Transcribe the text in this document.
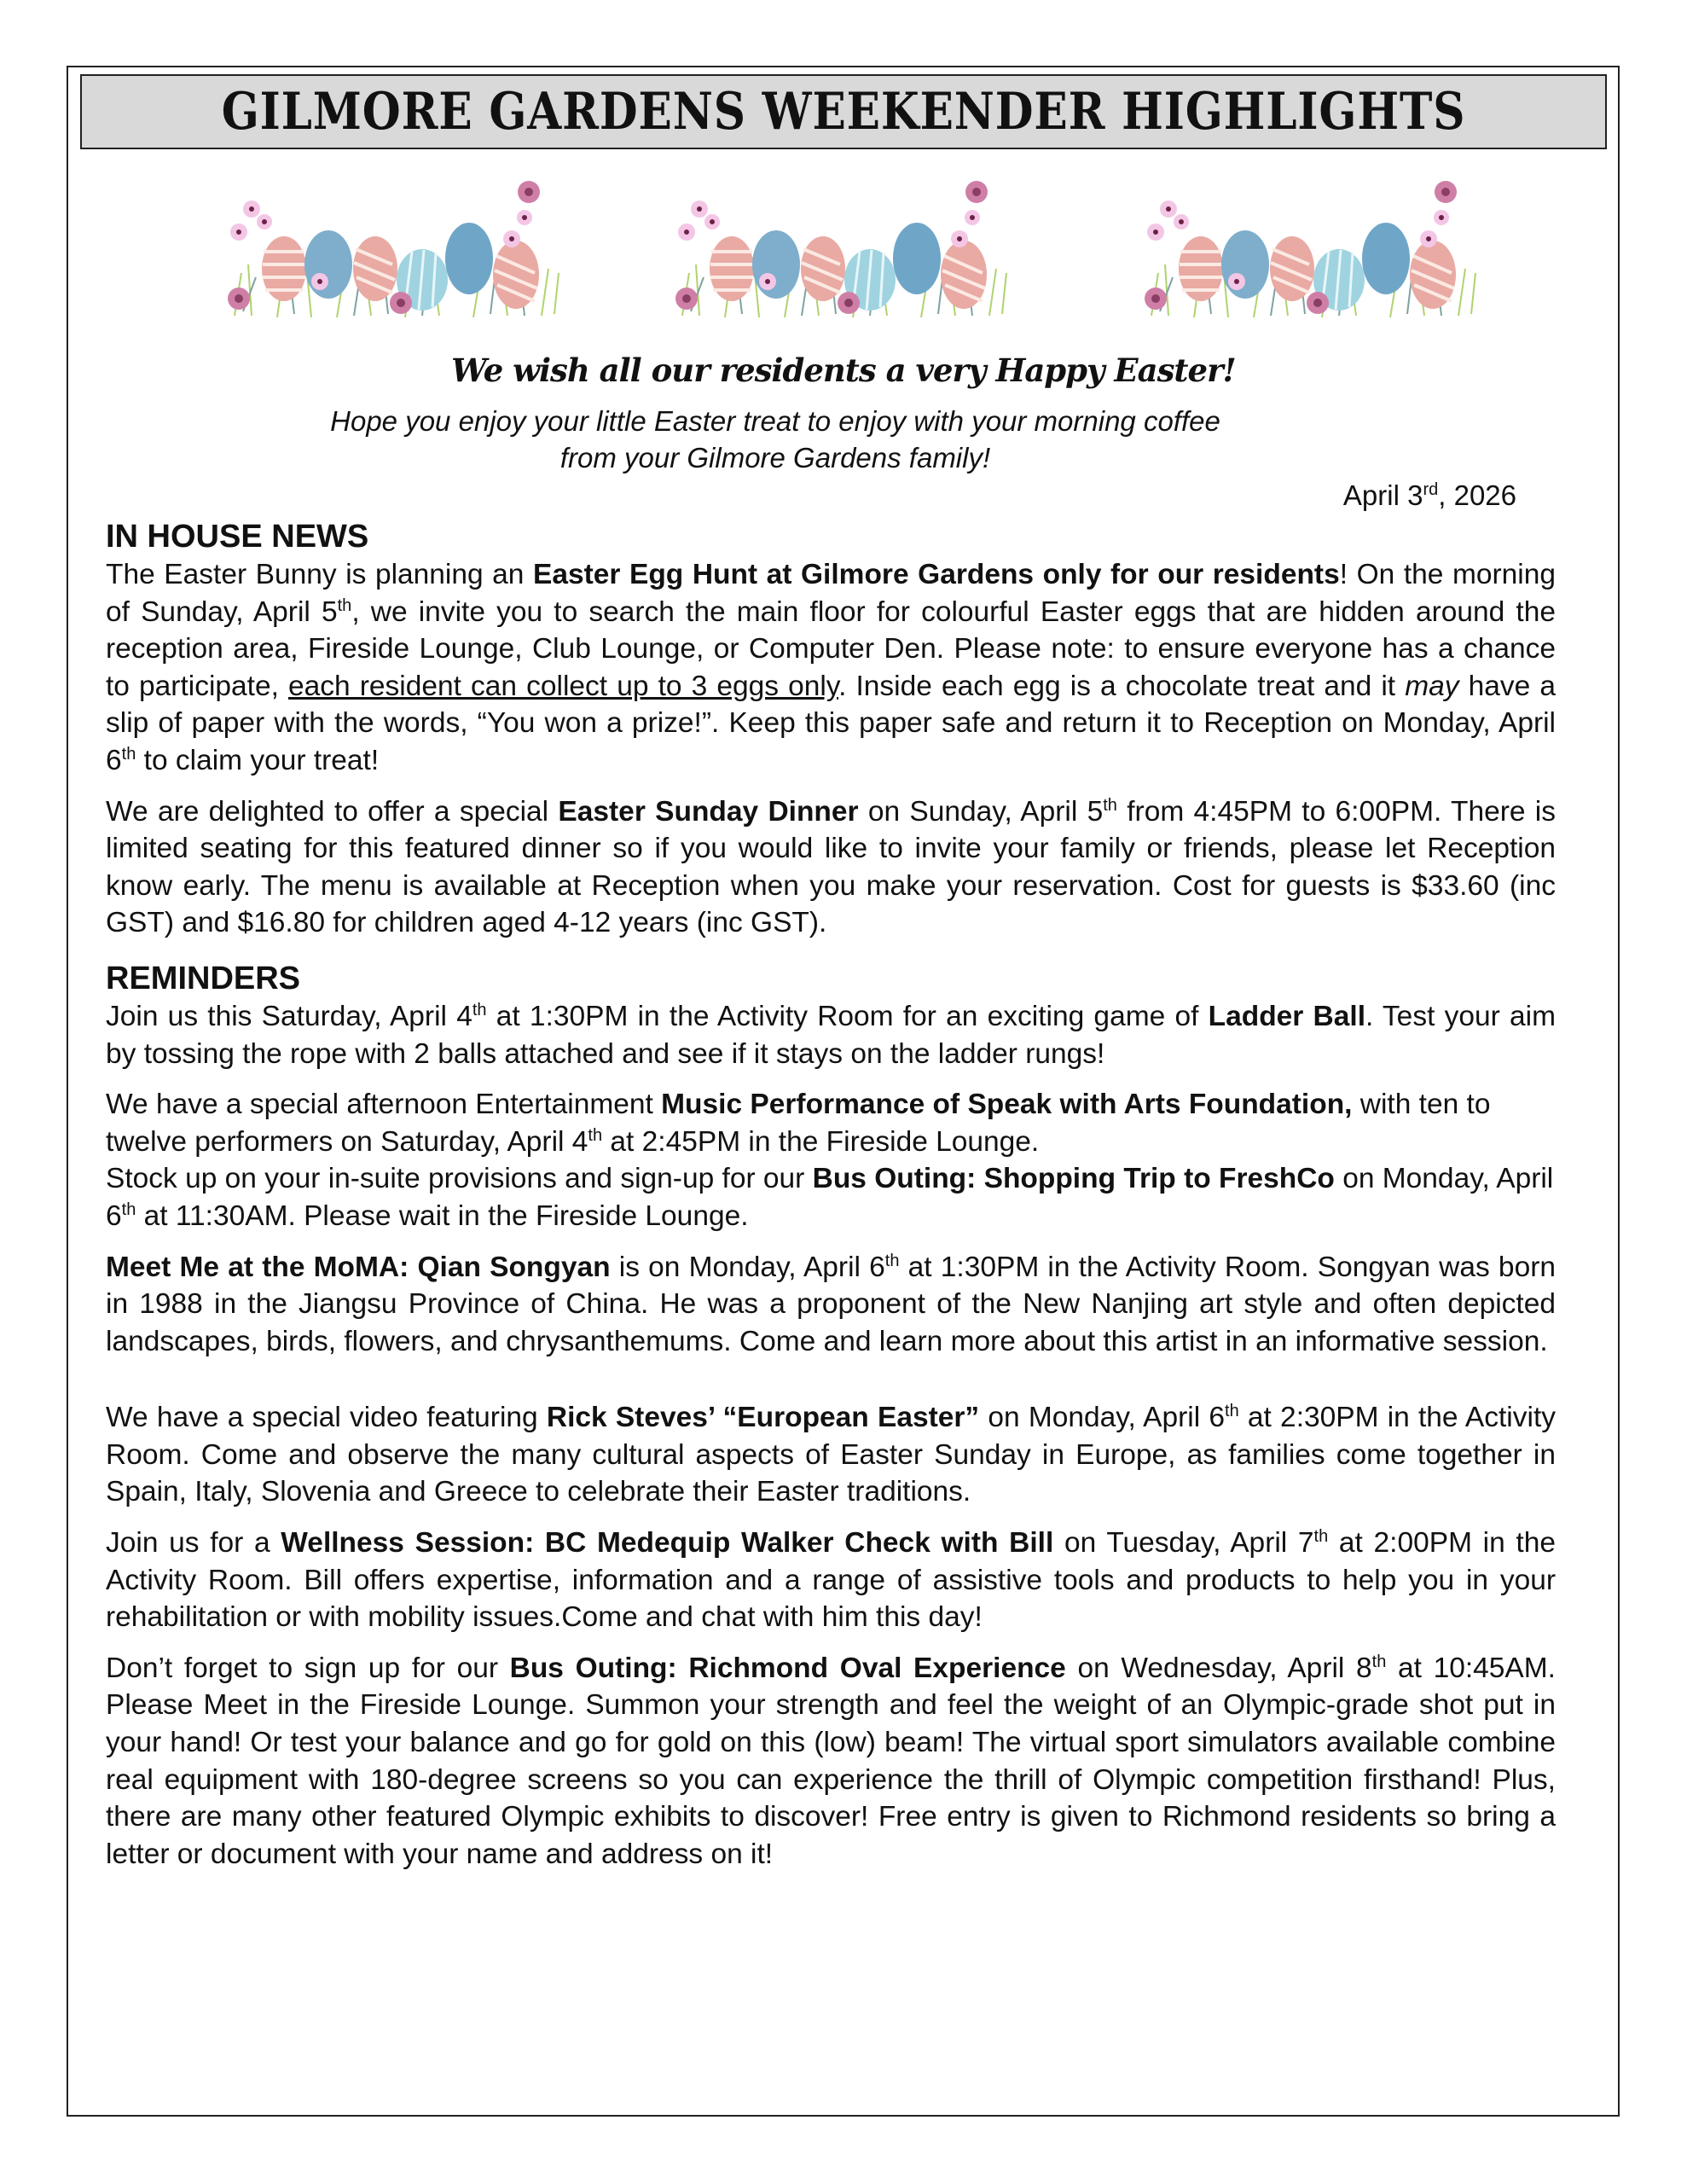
GILMORE GARDENS WEEKENDER HIGHLIGHTS
We wish all our residents a very Happy Easter!
Hope you enjoy your little Easter treat to enjoy with your morning coffee
from your Gilmore Gardens family!
April 3rd, 2026
IN HOUSE NEWS

The Easter Bunny is planning an Easter Egg Hunt at Gilmore Gardens only for our residents! On the morning of Sunday, April 5th, we invite you to search the main floor for colourful Easter eggs that are hidden around the reception area, Fireside Lounge, Club Lounge, or Computer Den. Please note: to ensure everyone has a chance to participate, each resident can collect up to 3 eggs only. Inside each egg is a chocolate treat and it may have a slip of paper with the words, “You won a prize!”. Keep this paper safe and return it to Reception on Monday, April 6th to claim your treat!

We are delighted to offer a special Easter Sunday Dinner on Sunday, April 5th from 4:45PM to 6:00PM. There is limited seating for this featured dinner so if you would like to invite your family or friends, please let Reception know early. The menu is available at Reception when you make your reservation. Cost for guests is $33.60 (inc GST) and $16.80 for children aged 4-12 years (inc GST).

REMINDERS

Join us this Saturday, April 4th at 1:30PM in the Activity Room for an exciting game of Ladder Ball. Test your aim by tossing the rope with 2 balls attached and see if it stays on the ladder rungs!

We have a special afternoon Entertainment Music Performance of Speak with Arts Foundation, with ten to twelve performers on Saturday, April 4th at 2:45PM in the Fireside Lounge.

Stock up on your in-suite provisions and sign-up for our Bus Outing: Shopping Trip to FreshCo on Monday, April 6th at 11:30AM. Please wait in the Fireside Lounge.

Meet Me at the MoMA: Qian Songyan is on Monday, April 6th at 1:30PM in the Activity Room. Songyan was born in 1988 in the Jiangsu Province of China. He was a proponent of the New Nanjing art style and often depicted landscapes, birds, flowers, and chrysanthemums. Come and learn more about this artist in an informative session.

We have a special video featuring Rick Steves’ “European Easter” on Monday, April 6th at 2:30PM in the Activity Room. Come and observe the many cultural aspects of Easter Sunday in Europe, as families come together in Spain, Italy, Slovenia and Greece to celebrate their Easter traditions.

Join us for a Wellness Session: BC Medequip Walker Check with Bill on Tuesday, April 7th at 2:00PM in the Activity Room. Bill offers expertise, information and a range of assistive tools and products to help you in your rehabilitation or with mobility issues.Come and chat with him this day!

Don’t forget to sign up for our Bus Outing: Richmond Oval Experience on Wednesday, April 8th at 10:45AM. Please Meet in the Fireside Lounge. Summon your strength and feel the weight of an Olympic-grade shot put in your hand! Or test your balance and go for gold on this (low) beam! The virtual sport simulators available combine real equipment with 180-degree screens so you can experience the thrill of Olympic competition firsthand! Plus, there are many other featured Olympic exhibits to discover! Free entry is given to Richmond residents so bring a letter or document with your name and address on it!
